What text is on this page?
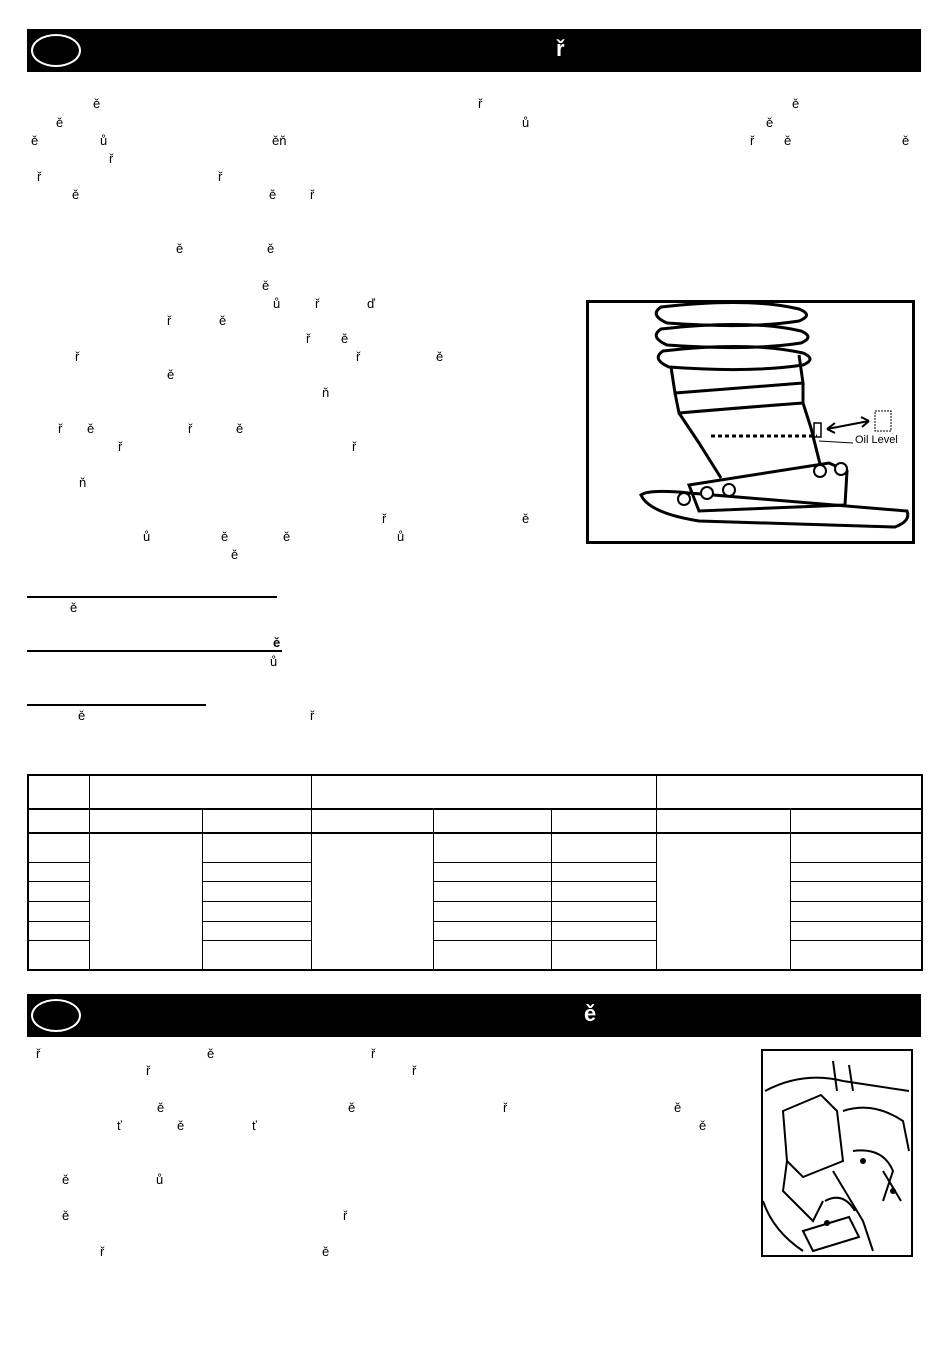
ř
ě	ř	ě
ě	ů	ě
ě	ů	ěň	ř ě	ě
ř
ř	ř
ě	ě	ř
ě	ě
ě
ů	ř	ď
ř	ě
ř ě
ř	ř	ě
ě
ň
ř ě	ř	ě
ř	ř
ň
ř	ě
ů	ě	ě	ů
ě
ě
ě
ů
ě	ř
Oil Level

ě
ř	ě	ř
ř	ř
ě	ě	ř	ě
ť	ě	ť	ě
ě	ů
ě	ř
ř	ě
